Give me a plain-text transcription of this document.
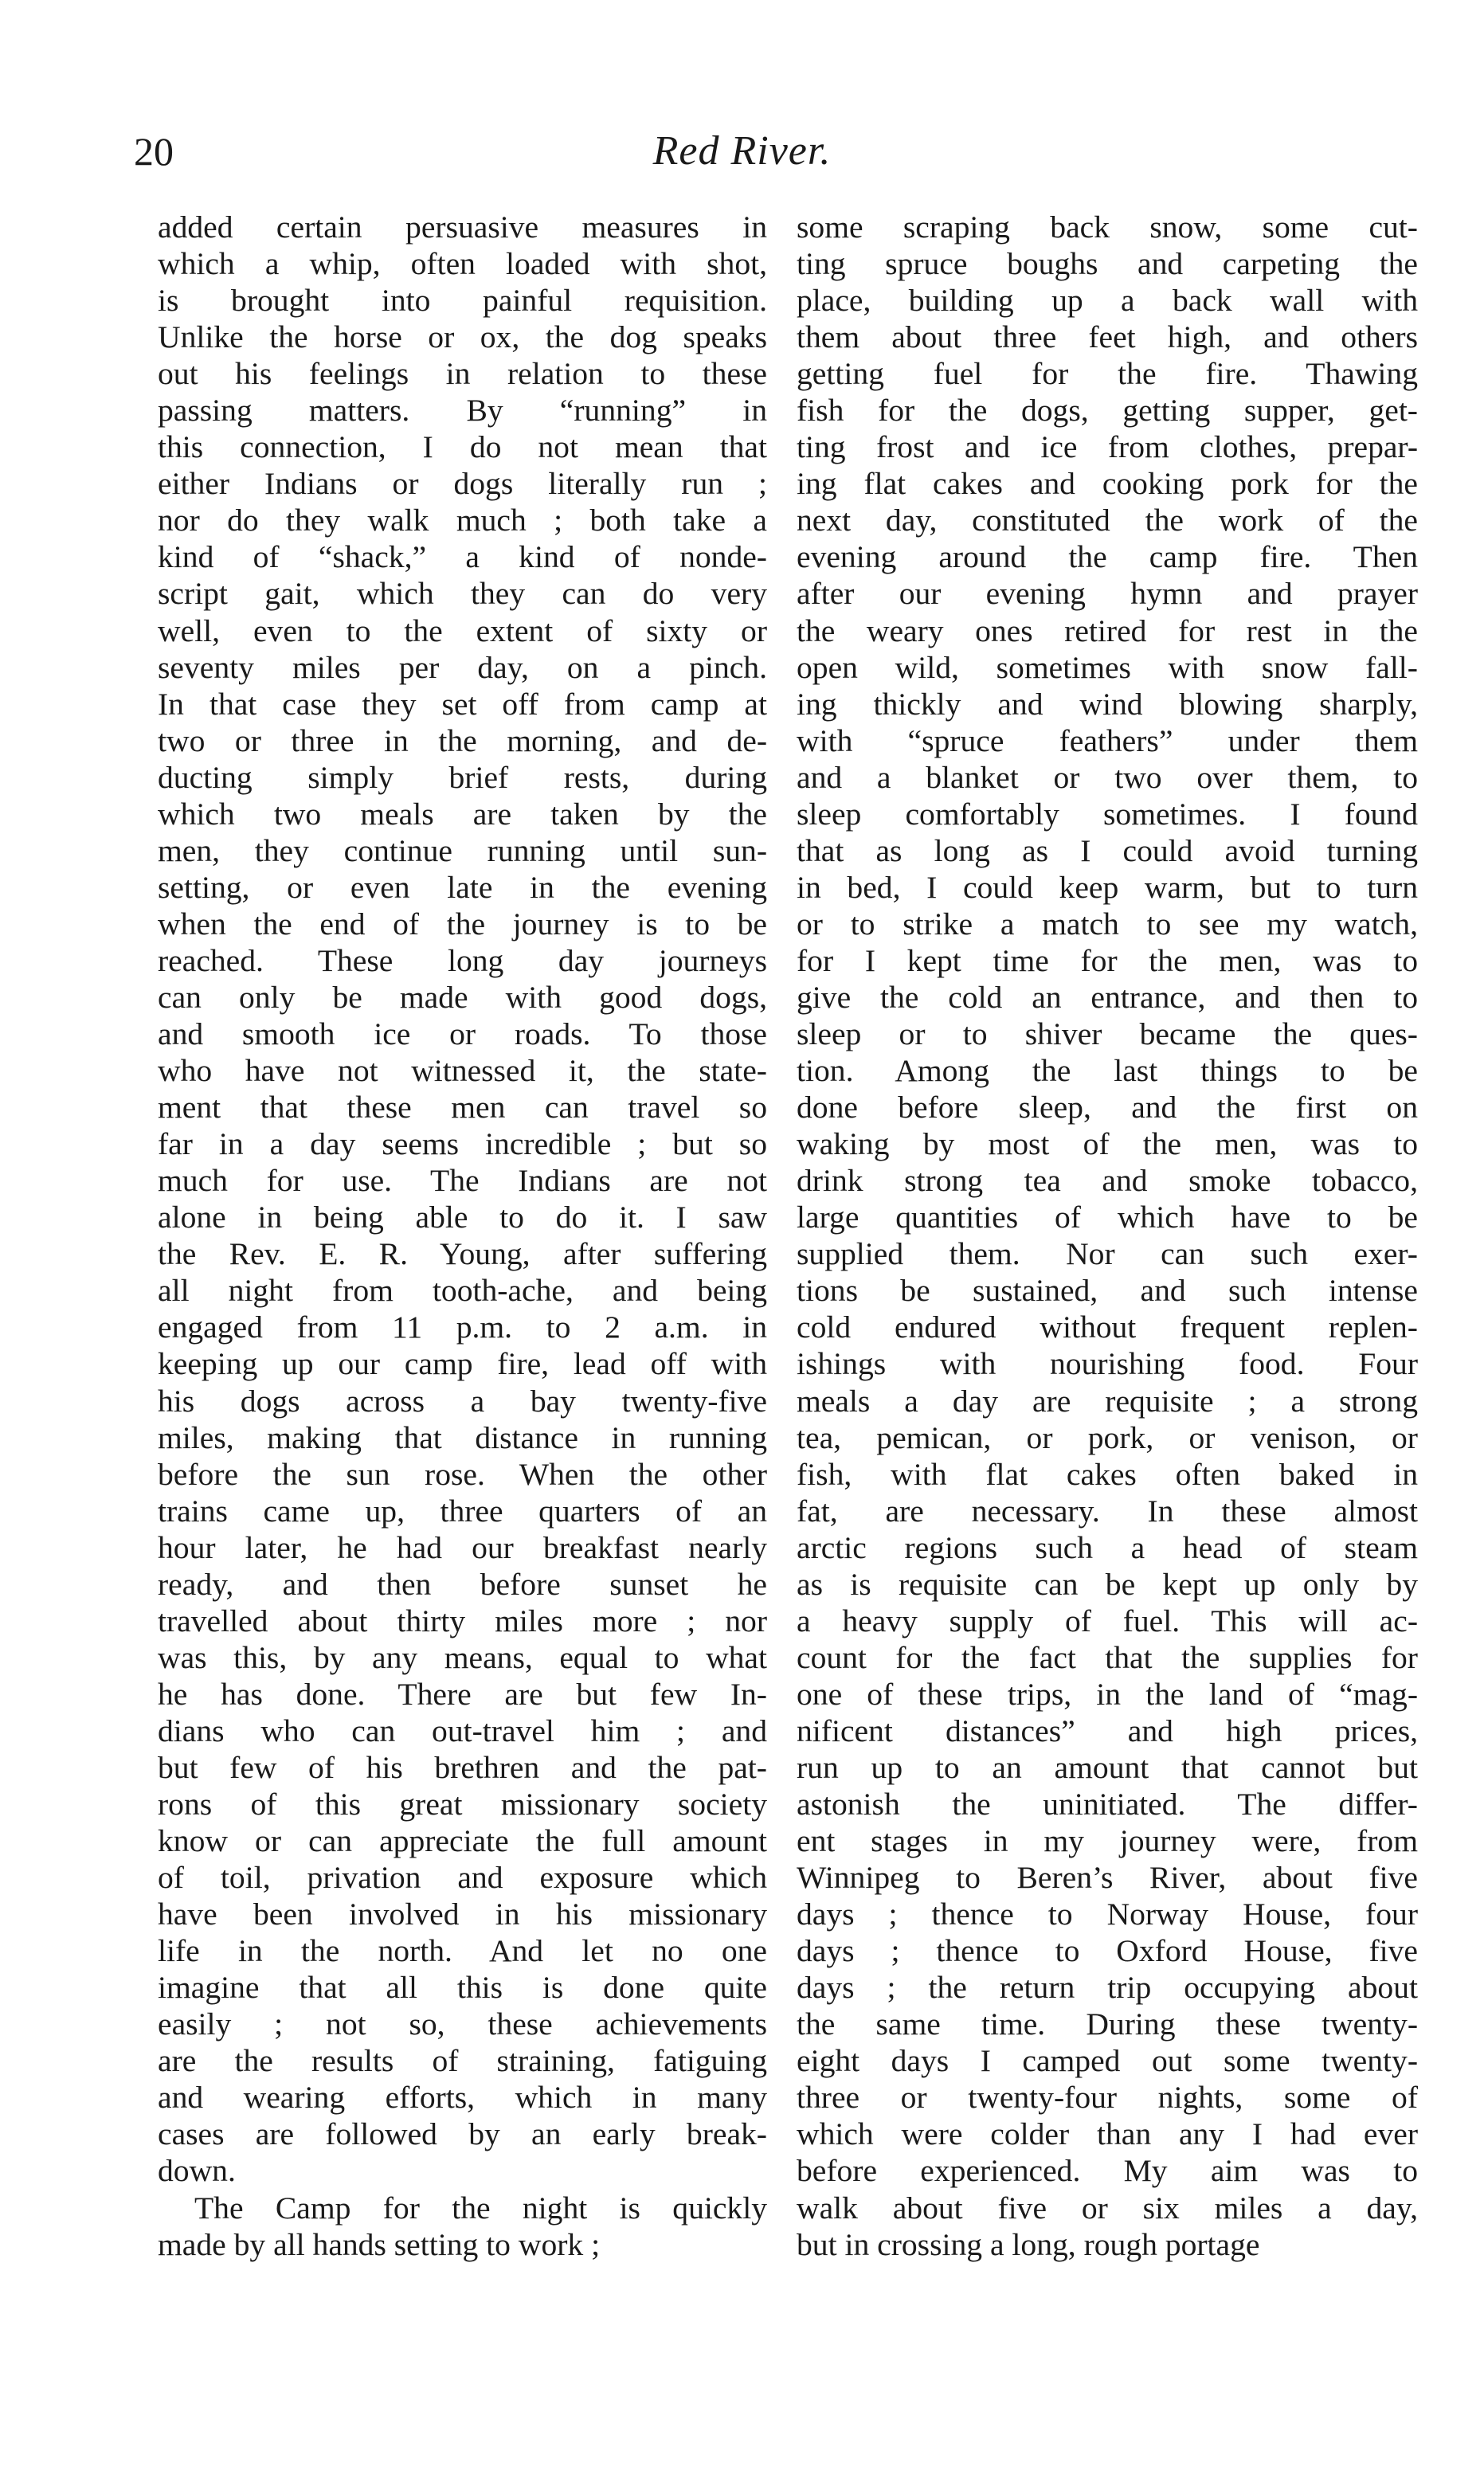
20	Red River.
added certain persuasive measures in
which a whip, often loaded with shot,
is brought into painful requisition.
Unlike the horse or ox, the dog speaks
out his feelings in relation to these
passing matters. By “running” in
this connection, I do not mean that
either Indians or dogs literally run ;
nor do they walk much ; both take a
kind of “shack,” a kind of nonde-
script gait, which they can do very
well, even to the extent of sixty or
seventy miles per day, on a pinch.
In that case they set off from camp at
two or three in the morning, and de-
ducting simply brief rests, during
which two meals are taken by the
men, they continue running until sun-
setting, or even late in the evening
when the end of the journey is to be
reached. These long day journeys
can only be made with good dogs,
and smooth ice or roads. To those
who have not witnessed it, the state-
ment that these men can travel so
far in a day seems incredible ; but so
much for use. The Indians are not
alone in being able to do it. I saw
the Rev. E. R. Young, after suffering
all night from tooth-ache, and being
engaged from 11 p.m. to 2 a.m. in
keeping up our camp fire, lead off with
his dogs across a bay twenty-five
miles, making that distance in running
before the sun rose. When the other
trains came up, three quarters of an
hour later, he had our breakfast nearly
ready, and then before sunset he
travelled about thirty miles more ; nor
was this, by any means, equal to what
he has done. There are but few In-
dians who can out-travel him ; and
but few of his brethren and the pat-
rons of this great missionary society
know or can appreciate the full amount
of toil, privation and exposure which
have been involved in his missionary
life in the north. And let no one
imagine that all this is done quite
easily ; not so, these achievements
are the results of straining, fatiguing
and wearing efforts, which in many
cases are followed by an early break-
down.
The Camp for the night is quickly
made by all hands setting to work ;
some scraping back snow, some cut-
ting spruce boughs and carpeting the
place, building up a back wall with
them about three feet high, and others
getting fuel for the fire. Thawing
fish for the dogs, getting supper, get-
ting frost and ice from clothes, prepar-
ing flat cakes and cooking pork for the
next day, constituted the work of the
evening around the camp fire. Then
after our evening hymn and prayer
the weary ones retired for rest in the
open wild, sometimes with snow fall-
ing thickly and wind blowing sharply,
with “spruce feathers” under them
and a blanket or two over them, to
sleep comfortably sometimes. I found
that as long as I could avoid turning
in bed, I could keep warm, but to turn
or to strike a match to see my watch,
for I kept time for the men, was to
give the cold an entrance, and then to
sleep or to shiver became the ques-
tion. Among the last things to be
done before sleep, and the first on
waking by most of the men, was to
drink strong tea and smoke tobacco,
large quantities of which have to be
supplied them. Nor can such exer-
tions be sustained, and such intense
cold endured without frequent replen-
ishings with nourishing food. Four
meals a day are requisite ; a strong
tea, pemican, or pork, or venison, or
fish, with flat cakes often baked in
fat, are necessary. In these almost
arctic regions such a head of steam
as is requisite can be kept up only by
a heavy supply of fuel. This will ac-
count for the fact that the supplies for
one of these trips, in the land of “mag-
nificent distances” and high prices,
run up to an amount that cannot but
astonish the uninitiated. The differ-
ent stages in my journey were, from
Winnipeg to Beren’s River, about five
days ; thence to Norway House, four
days ; thence to Oxford House, five
days ; the return trip occupying about
the same time. During these twenty-
eight days I camped out some twenty-
three or twenty-four nights, some of
which were colder than any I had ever
before experienced. My aim was to
walk about five or six miles a day,
but in crossing a long, rough portage
